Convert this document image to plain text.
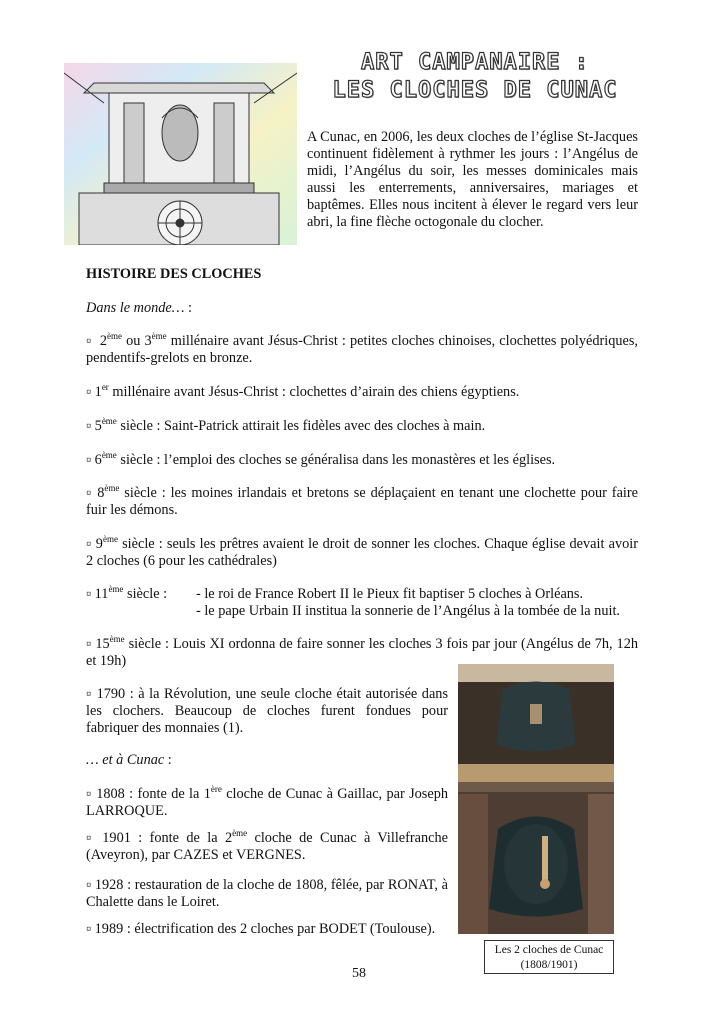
ART CAMPANAIRE :
LES CLOCHES DE CUNAC

A Cunac, en 2006, les deux cloches de l’église St-Jacques continuent fidèlement à rythmer les jours : l’Angélus de midi, l’Angélus du soir, les messes dominicales mais aussi les enterrements, anniversaires, mariages et baptêmes. Elles nous incitent à élever le regard vers leur abri, la fine flèche octogonale du clocher.

HISTOIRE DES CLOCHES
Dans le monde… :

▫ 2ème ou 3ème millénaire avant Jésus-Christ : petites cloches chinoises, clochettes polyédriques, pendentifs-grelots en bronze.

▫ 1er millénaire avant Jésus-Christ : clochettes d’airain des chiens égyptiens.

▫ 5ème siècle : Saint-Patrick attirait les fidèles avec des cloches à main.

▫ 6ème siècle : l’emploi des cloches se généralisa dans les monastères et les églises.

▫ 8ème siècle : les moines irlandais et bretons se déplaçaient en tenant une clochette pour faire fuir les démons.

▫ 9ème siècle : seuls les prêtres avaient le droit de sonner les cloches. Chaque église devait avoir 2 cloches (6 pour les cathédrales)

▫ 11ème siècle : - le roi de France Robert II le Pieux fit baptiser 5 cloches à Orléans.
- le pape Urbain II institua la sonnerie de l’Angélus à la tombée de la nuit.

▫ 15ème siècle : Louis XI ordonna de faire sonner les cloches 3 fois par jour (Angélus de 7h, 12h et 19h)

▫ 1790 : à la Révolution, une seule cloche était autorisée dans les clochers. Beaucoup de cloches furent fondues pour fabriquer des monnaies (1).

… et à Cunac :

▫ 1808 : fonte de la 1ère cloche de Cunac à Gaillac, par Joseph LARROQUE.

▫ 1901 : fonte de la 2ème cloche de Cunac à Villefranche (Aveyron), par CAZES et VERGNES.

▫ 1928 : restauration de la cloche de 1808, fêlée, par RONAT, à Chalette dans le Loiret.

▫ 1989 : électrification des 2 cloches par BODET (Toulouse).

Les 2 cloches de Cunac
(1808/1901)
58
